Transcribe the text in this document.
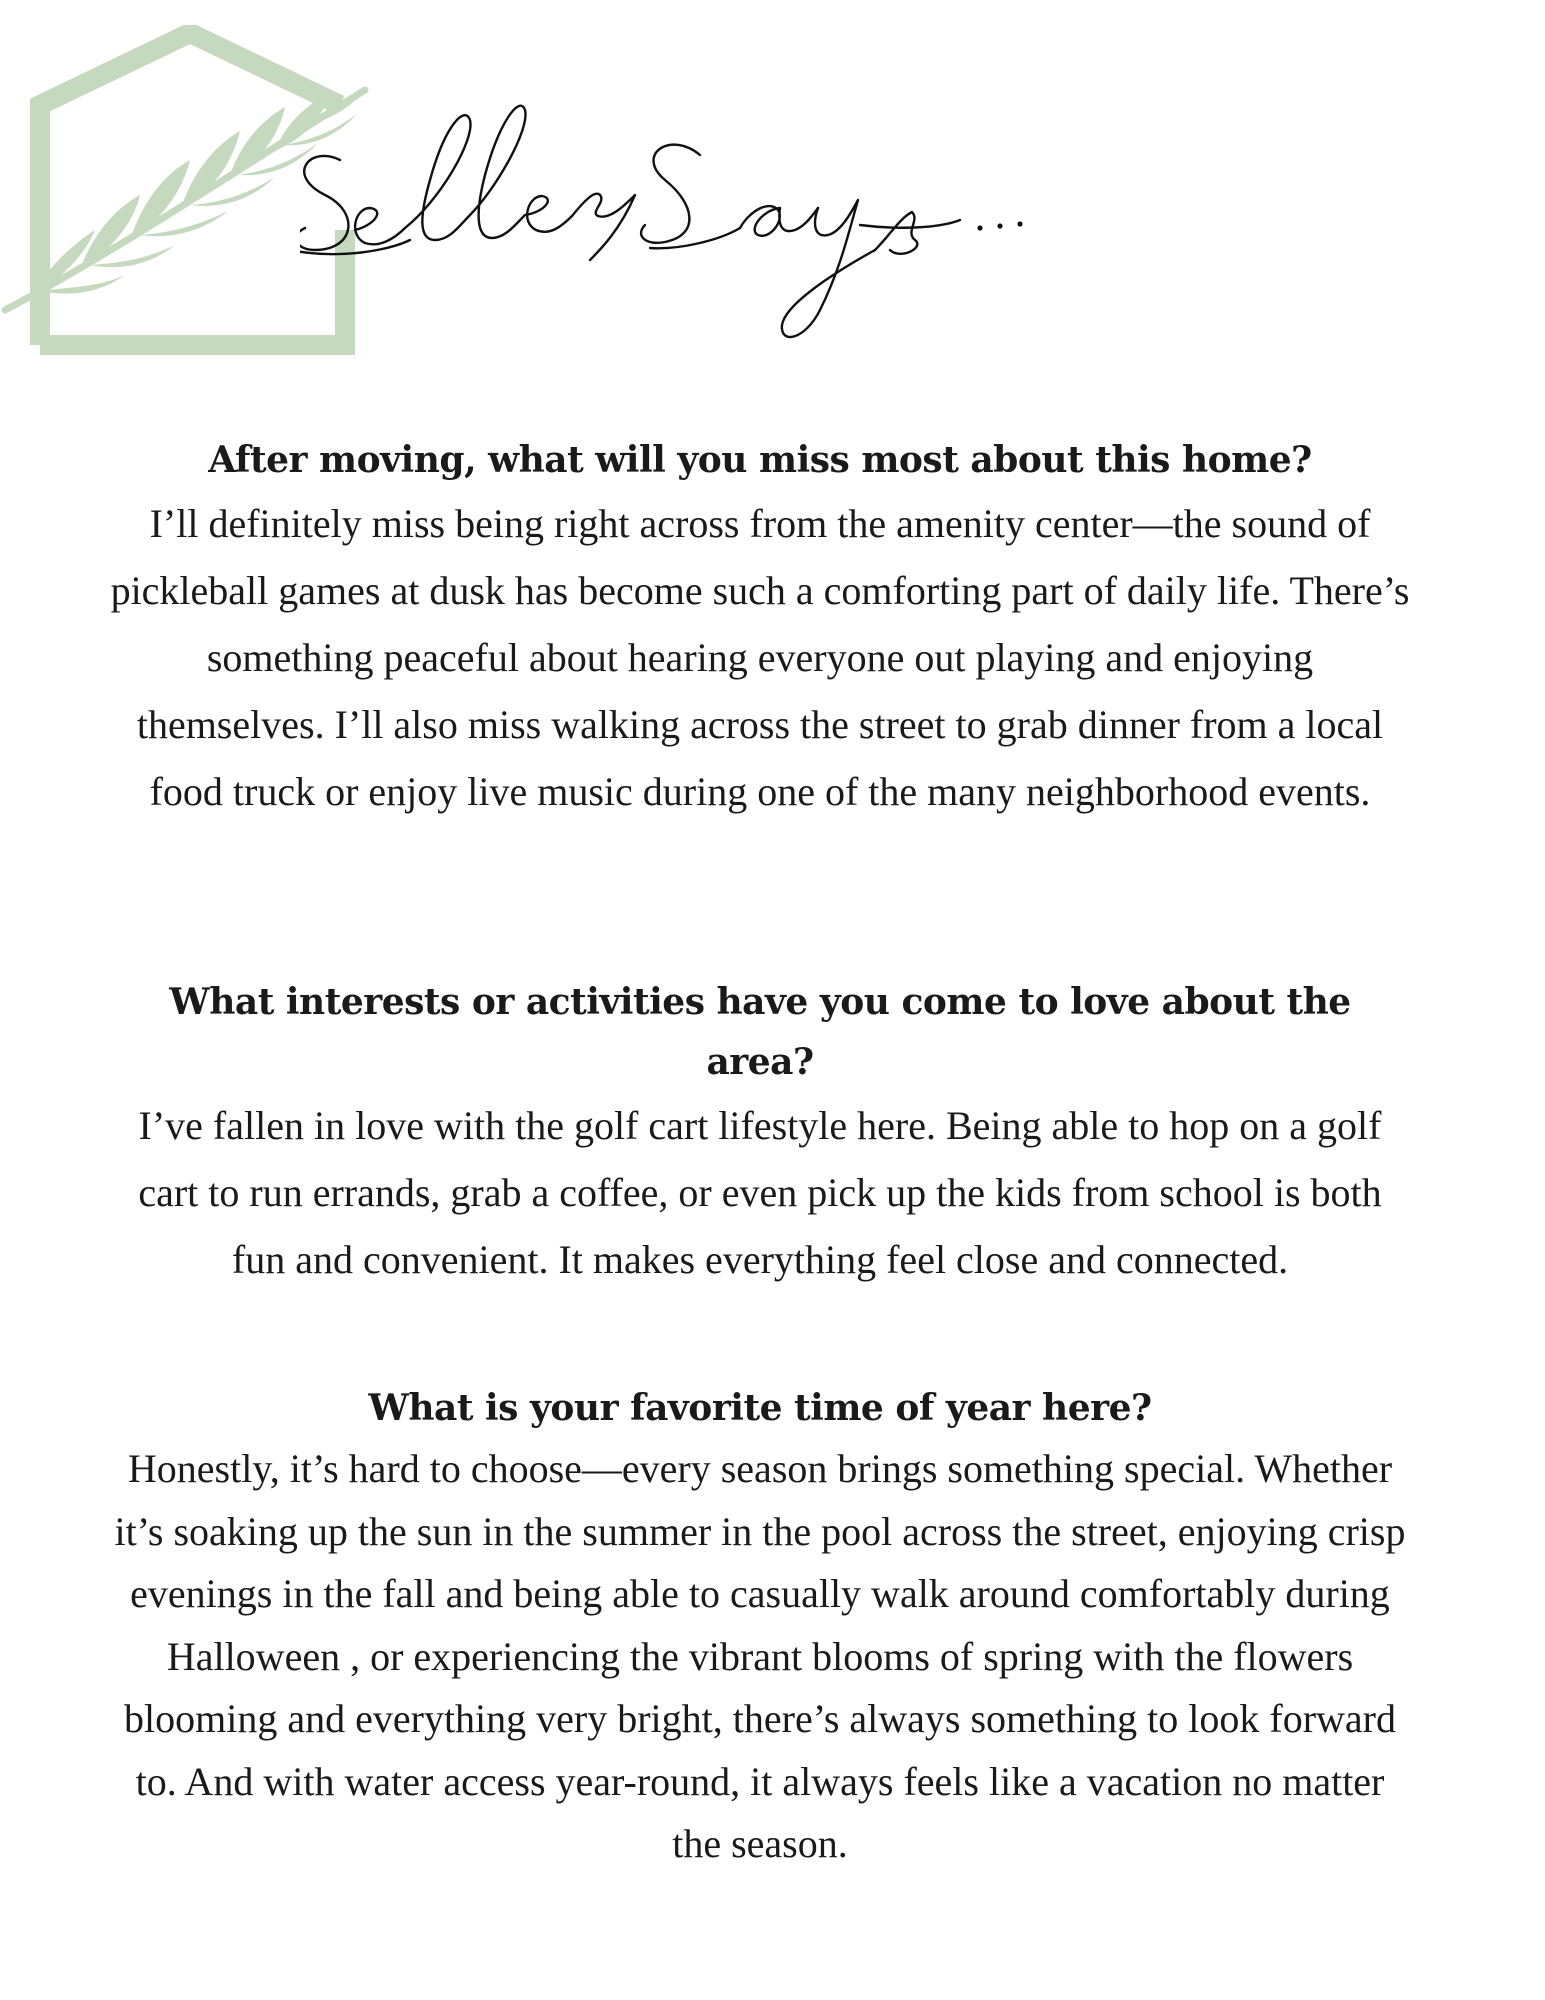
After moving, what will you miss most about this home?

I’ll definitely miss being right across from the amenity center—the sound of pickleball games at dusk has become such a comforting part of daily life. There’s something peaceful about hearing everyone out playing and enjoying themselves. I’ll also miss walking across the street to grab dinner from a local food truck or enjoy live music during one of the many neighborhood events.

What interests or activities have you come to love about the area?

I’ve fallen in love with the golf cart lifestyle here. Being able to hop on a golf cart to run errands, grab a coffee, or even pick up the kids from school is both fun and convenient. It makes everything feel close and connected.

What is your favorite time of year here?

Honestly, it’s hard to choose—every season brings something special. Whether it’s soaking up the sun in the summer in the pool across the street, enjoying crisp evenings in the fall and being able to casually walk around comfortably during Halloween , or experiencing the vibrant blooms of spring with the flowers blooming and everything very bright, there’s always something to look forward to. And with water access year-round, it always feels like a vacation no matter the season.
